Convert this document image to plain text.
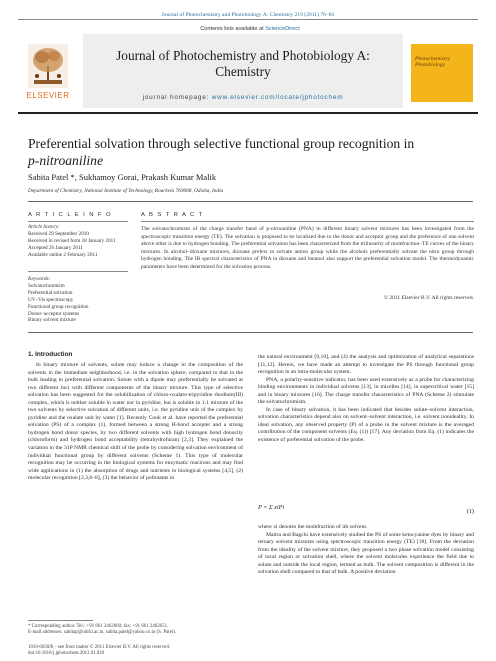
Journal of Photochemistry and Photobiology A: Chemistry 219 (2011) 76–83
Contents lists available at ScienceDirect
ELSEVIER
Journal of Photochemistry and Photobiology A:
Chemistry
journal homepage: www.elsevier.com/locate/jphotochem
Photochemistry
Photobiology
Preferential solvation through selective functional group recognition in
p-nitroaniline
Sabita Patel *, Sukhamoy Gorai, Prakash Kumar Malik
Department of Chemistry, National Institute of Technology, Rourkela 769008, Odisha, India
A R T I C L E I N F O	A B S T R A C T
Article history:
Received 29 September 2010
Received in revised form 18 January 2011
Accepted 26 January 2011
Available online 2 February 2011
Keywords:
Solvatochromism
Preferential solvation
UV–Vis spectroscopy
Functional group recognition
Donor–acceptor systems
Binary solvent mixture
The solvatochromism of the charge transfer band of p-nitroaniline (PNA) in different binary solvent mixtures has been investigated from the spectroscopic transition energy (TE). The solvation is proposed to be localized due to the donor and acceptor group and the preference of one solvent above other is due to hydrogen bonding. The preferential solvation has been characterized from the trilinearity of molefraction–TE curves of the binary mixtures. In alcohol–dioxane mixtures, dioxane prefers to solvate amino group while the alcohols preferentially solvate the nitro group through hydrogen bonding. The IR spectral characteristics of PNA in dioxane and butanol also support the preferential solvation model. The thermodynamic parameters have been determined for the solvation process.
© 2011 Elsevier B.V. All rights reserved.
1. Introduction
In binary mixture of solvents, solute may induce a change in the composition of the solvents in the immediate neighborhood, i.e. in the solvation sphere, compared to that in the bulk leading to preferential solvation. Solute with a dipole may preferentially be solvated at two different loci with different components of the binary mixture. This type of selective solvation has been suggested for the solubilization of chloro-oxalato-tripyridine rhodium(III) complex, which is neither soluble in water nor in pyridine, but is soluble in 1:1 mixture of the two solvents by selective solvation of different units, i.e. the pyridine unit of the complex by pyridine and the oxalate unit by water [1]. Recently Cook et al. have reported the preferential solvation (PS) of a complex (1), formed between a strong H-bond accepter and a strong hydrogen bond donor species, by two different solvents with high hydrogen bond donocity (chloroform) and hydrogen bond acceptability (tetrahydrofuran) [2,3]. They explained the variation in the 31P NMR chemical shift of the probe by considering solvation environment of individual functional group by different solvents (Scheme 1). This type of molecular recognition may be occurring in the biological systems for enzymatic reactions and may find wide applications in (1) the absorption of drugs and nutrients in biological systems [4,5], (2) molecular recognition [2,3,6–8], (3) the behavior of pollutants in
the natural environment [9,10], and (4) the analysis and optimization of analytical separations [11,12]. Herein, we have made an attempt to investigate the PS through functional group recognition in an intra-molecular system.
PNA, a polarity-sensitive indicator, has been used extensively as a probe for characterizing binding environments in individual solvents [13], in micelles [14], in supercritical water [15] and in binary mixtures [16]. The charge transfer characteristics of PNA (Scheme 2) stimulate the solvatochromism.
In case of binary solvation, it has been indicated that besides solute–solvent interaction, solvation characteristics depend also on solvent–solvent interaction, i.e. solvent nonideality. In ideal solvation, any observed property (P) of a probe in the solvent mixture is the averaged contribution of the component solvents (Eq. (1)) [17]. Any deviation from Eq. (1) indicates the existence of preferential solvation of the probe.
P = Σ xiPi
(1)
where xi denotes the molefraction of ith solvent.
Maitra and Bagchi have extensively studied the PS of some ketocyanine dyes by binary and ternary solvent mixtures using spectroscopic transition energy (TE) [18]. From the deviation from the ideality of the solvent mixture, they proposed a two phase solvation model consisting of local region or solvation shell, where the solvent molecules experience the field due to solute and outside the local region, termed as bulk. The solvent composition is different in the solvation shell compared to that of bulk. A positive deviation
* Corresponding author. Tel.: +91 661 2462660; fax: +91 661 2462651.
E-mail addresses: sabitap@nitrkl.ac.in, sabita.patel@yahoo.co.in (S. Patel).
1010-6030/$ – see front matter © 2011 Elsevier B.V. All rights reserved.
doi:10.1016/j.jphotochem.2011.01.020
